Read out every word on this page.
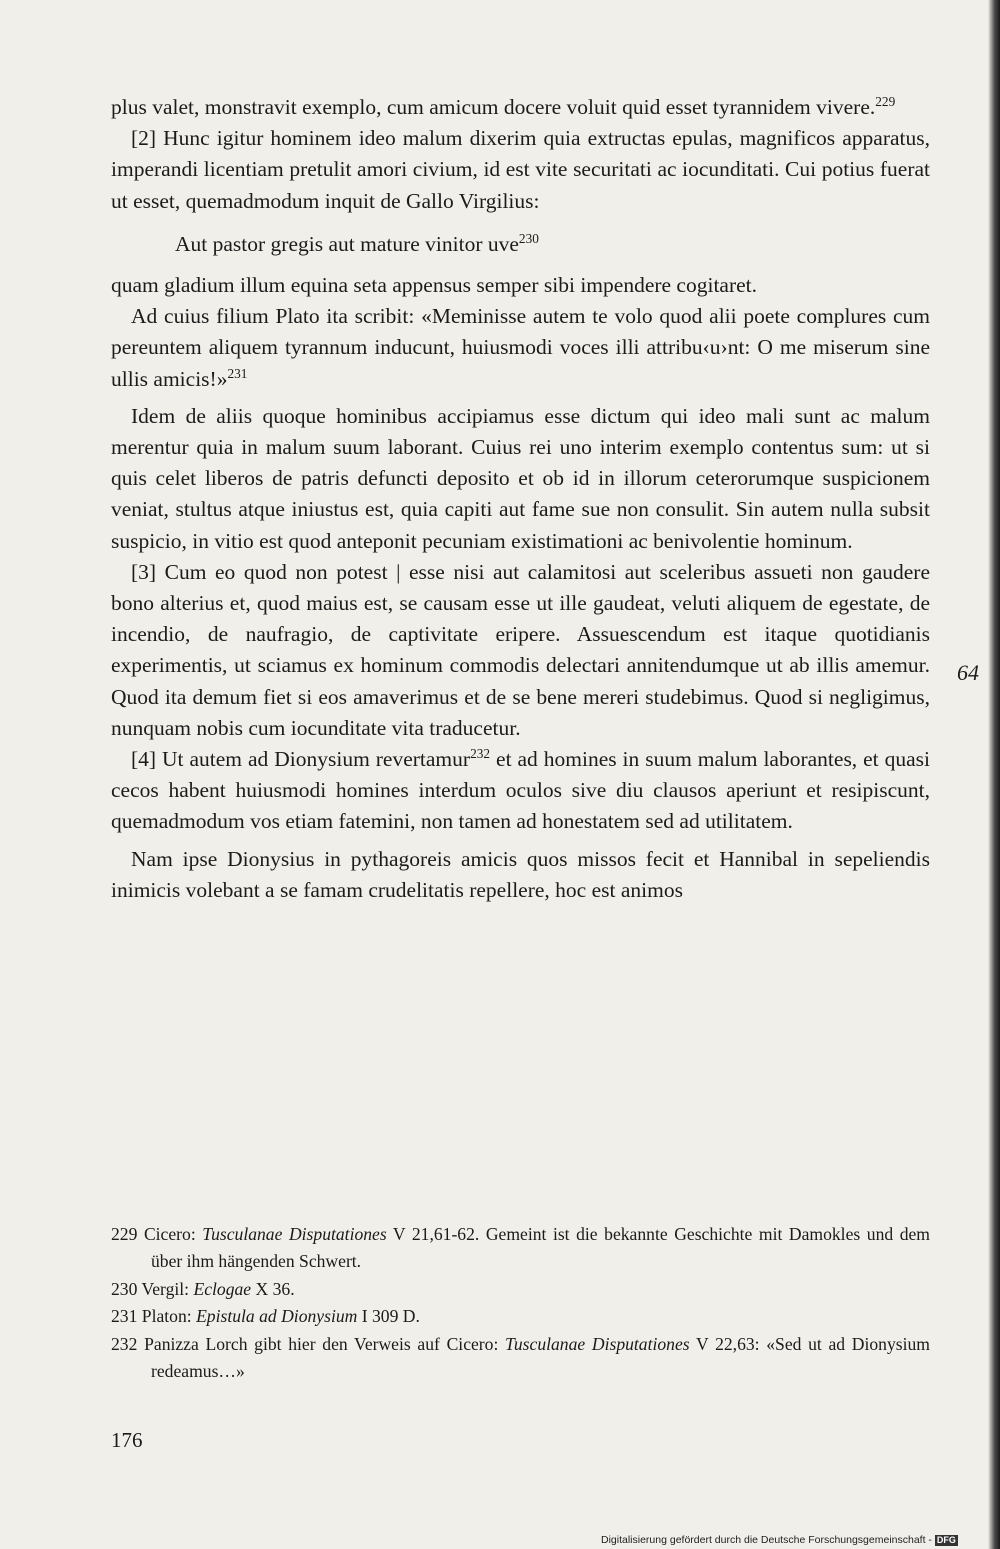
plus valet, monstravit exemplo, cum amicum docere voluit quid esset tyrannidem vivere.$^{229}$

[2] Hunc igitur hominem ideo malum dixerim quia extructas epulas, magnificos apparatus, imperandi licentiam pretulit amori civium, id est vite securitati ac iocunditati. Cui potius fuerat ut esset, quemadmodum inquit de Gallo Virgilius:

Aut pastor gregis aut mature vinitor uve$^{230}$

quam gladium illum equina seta appensus semper sibi impendere cogitaret.

Ad cuius filium Plato ita scribit: «Meminisse autem te volo quod alii poete complures cum pereuntem aliquem tyrannum inducunt, huiusmodi voces illi attribu‹u›nt: O me miserum sine ullis amicis!»$^{231}$

Idem de aliis quoque hominibus accipiamus esse dictum qui ideo mali sunt ac malum merentur quia in malum suum laborant. Cuius rei uno interim exemplo contentus sum: ut si quis celet liberos de patris defuncti deposito et ob id in illorum ceterorumque suspicionem veniat, stultus atque iniustus est, quia capiti aut fame sue non consulit. Sin autem nulla subsit suspicio, in vitio est quod anteponit pecuniam existimationi ac benivolentie hominum.

[3] Cum eo quod non potest | esse nisi aut calamitosi aut sceleribus assueti non gaudere bono alterius et, quod maius est, se causam esse ut ille gaudeat, veluti aliquem de egestate, de incendio, de naufragio, de captivitate eripere. Assuescendum est itaque quotidianis experimentis, ut sciamus ex hominum commodis delectari annitendumque ut ab illis amemur. Quod ita demum fiet si eos amaverimus et de se bene mereri studebimus. Quod si negligimus, nunquam nobis cum iocunditate vita traducetur.

[4] Ut autem ad Dionysium revertamur$^{232}$ et ad homines in suum malum laborantes, et quasi cecos habent huiusmodi homines interdum oculos sive diu clausos aperiunt et resipiscunt, quemadmodum vos etiam fatemini, non tamen ad honestatem sed ad utilitatem.

Nam ipse Dionysius in pythagoreis amicis quos missos fecit et Hannibal in sepeliendis inimicis volebant a se famam crudelitatis repellere, hoc est animos

64
229 Cicero: Tusculanae Disputationes V 21,61-62. Gemeint ist die bekannte Geschichte mit Damokles und dem über ihm hängenden Schwert.
230 Vergil: Eclogae X 36.
231 Platon: Epistula ad Dionysium I 309 D.
232 Panizza Lorch gibt hier den Verweis auf Cicero: Tusculanae Disputationes V 22,63: «Sed ut ad Dionysium redeamus…»
176
Digitalisierung gefördert durch die Deutsche Forschungsgemeinschaft - DFG
